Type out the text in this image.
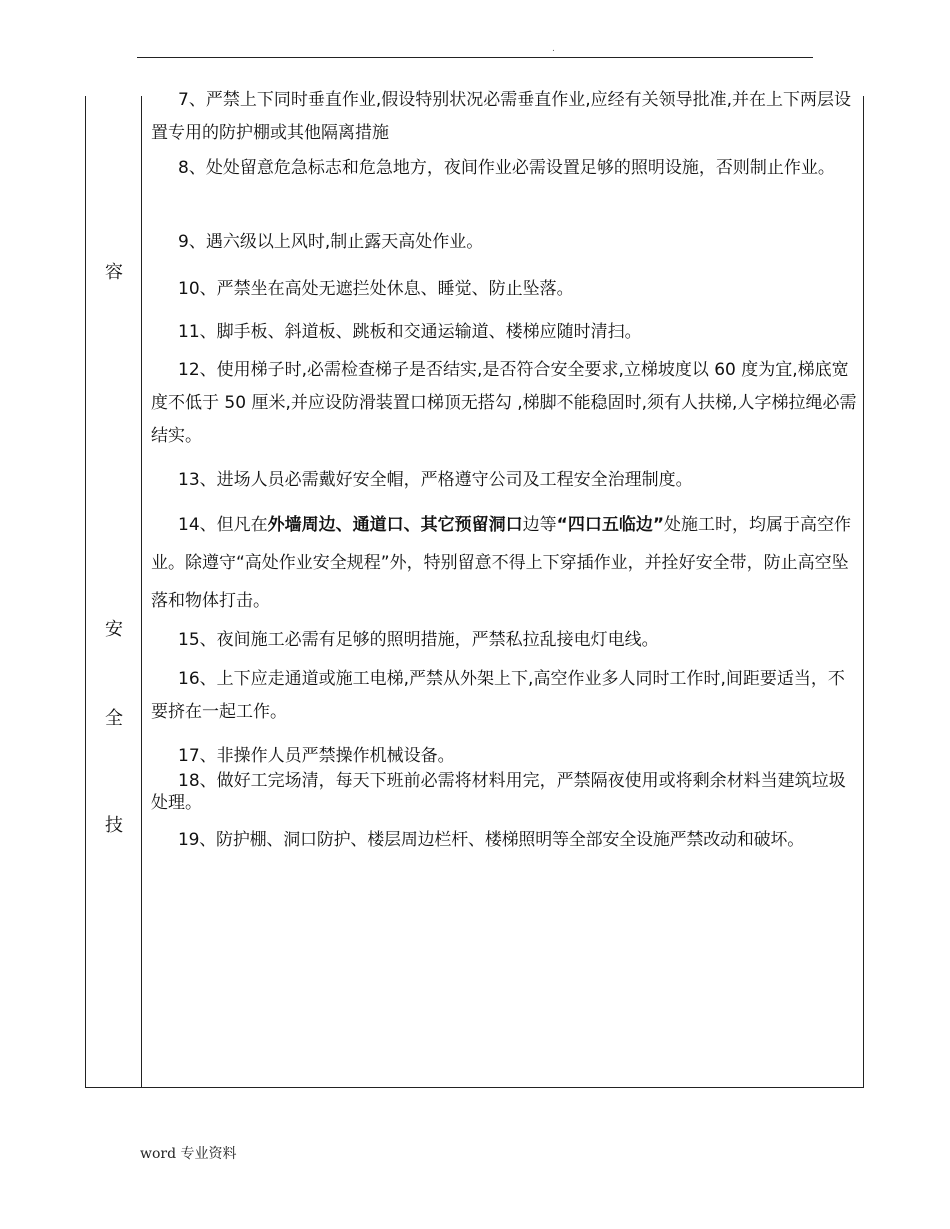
.
容
安
全
技

7、严禁上下同时垂直作业,假设特别状况必需垂直作业,应经有关领导批准,并在上下两层设置专用的防护棚或其他隔离措施

8、处处留意危急标志和危急地方，夜间作业必需设置足够的照明设施，否则制止作业。

9、遇六级以上风时,制止露天高处作业。

10、严禁坐在高处无遮拦处休息、睡觉、防止坠落。

11、脚手板、斜道板、跳板和交通运输道、楼梯应随时清扫。

12、使用梯子时,必需检查梯子是否结实,是否符合安全要求,立梯坡度以 60 度为宜,梯底宽度不低于 50 厘米,并应设防滑装置口梯顶无搭勾 ,梯脚不能稳固时,须有人扶梯,人字梯拉绳必需结实。

13、进场人员必需戴好安全帽，严格遵守公司及工程安全治理制度。

14、但凡在外墙周边、通道口、其它预留洞口边等“四口五临边”处施工时，均属于高空作业。除遵守“高处作业安全规程”外，特别留意不得上下穿插作业，并拴好安全带，防止高空坠落和物体打击。

15、夜间施工必需有足够的照明措施，严禁私拉乱接电灯电线。

16、上下应走通道或施工电梯,严禁从外架上下,高空作业多人同时工作时,间距要适当，不要挤在一起工作。

17、非操作人员严禁操作机械设备。

18、做好工完场清，每天下班前必需将材料用完，严禁隔夜使用或将剩余材料当建筑垃圾处理。

19、防护棚、洞口防护、楼层周边栏杆、楼梯照明等全部安全设施严禁改动和破坏。

word 专业资料
